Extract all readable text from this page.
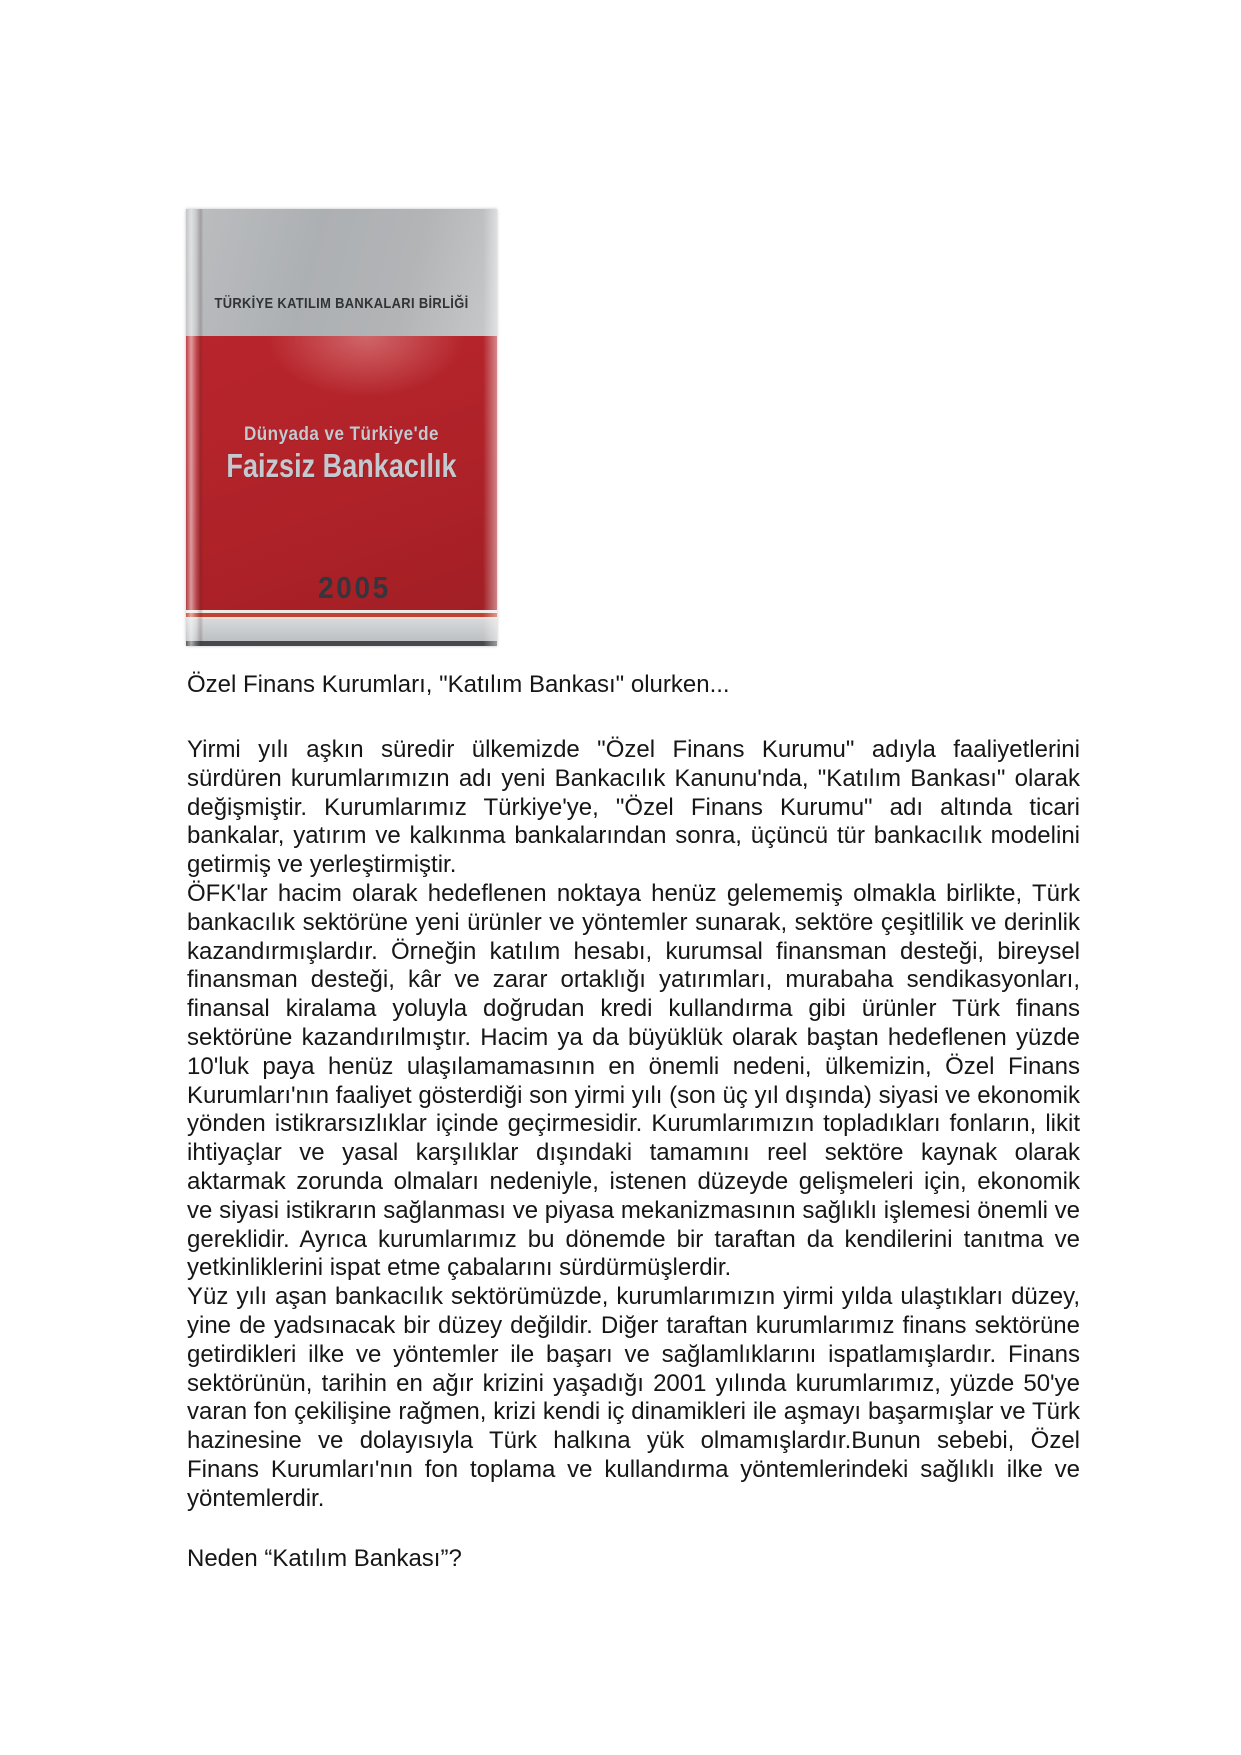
TÜRKİYE KATILIM BANKALARI BİRLİĞİ
Dünyada ve Türkiye'de
Faizsiz Bankacılık
2005
Özel Finans Kurumları, "Katılım Bankası" olurken...

Yirmi yılı aşkın süredir ülkemizde "Özel Finans Kurumu" adıyla faaliyetlerini sürdüren kurumlarımızın adı yeni Bankacılık Kanunu'nda, "Katılım Bankası" olarak değişmiştir. Kurumlarımız Türkiye'ye, "Özel Finans Kurumu" adı altında ticari bankalar, yatırım ve kalkınma bankalarından sonra, üçüncü tür bankacılık modelini getirmiş ve yerleştirmiştir.

ÖFK'lar hacim olarak hedeflenen noktaya henüz gelememiş olmakla birlikte, Türk bankacılık sektörüne yeni ürünler ve yöntemler sunarak, sektöre çeşitlilik ve derinlik kazandırmışlardır. Örneğin katılım hesabı, kurumsal finansman desteği, bireysel finansman desteği, kâr ve zarar ortaklığı yatırımları, murabaha sendikasyonları, finansal kiralama yoluyla doğrudan kredi kullandırma gibi ürünler Türk finans sektörüne kazandırılmıştır. Hacim ya da büyüklük olarak baştan hedeflenen yüzde 10'luk paya henüz ulaşılamamasının en önemli nedeni, ülkemizin, Özel Finans Kurumları'nın faaliyet gösterdiği son yirmi yılı (son üç yıl dışında) siyasi ve ekonomik yönden istikrarsızlıklar içinde geçirmesidir. Kurumlarımızın topladıkları fonların, likit ihtiyaçlar ve yasal karşılıklar dışındaki tamamını reel sektöre kaynak olarak aktarmak zorunda olmaları nedeniyle, istenen düzeyde gelişmeleri için, ekonomik ve siyasi istikrarın sağlanması ve piyasa mekanizmasının sağlıklı işlemesi önemli ve gereklidir. Ayrıca kurumlarımız bu dönemde bir taraftan da kendilerini tanıtma ve yetkinliklerini ispat etme çabalarını sürdürmüşlerdir.

Yüz yılı aşan bankacılık sektörümüzde, kurumlarımızın yirmi yılda ulaştıkları düzey, yine de yadsınacak bir düzey değildir. Diğer taraftan kurumlarımız finans sektörüne getirdikleri ilke ve yöntemler ile başarı ve sağlamlıklarını ispatlamışlardır. Finans sektörünün, tarihin en ağır krizini yaşadığı 2001 yılında kurumlarımız, yüzde 50'ye varan fon çekilişine rağmen, krizi kendi iç dinamikleri ile aşmayı başarmışlar ve Türk hazinesine ve dolayısıyla Türk halkına yük olmamışlardır.Bunun sebebi, Özel Finans Kurumları'nın fon toplama ve kullandırma yöntemlerindeki sağlıklı ilke ve yöntemlerdir.

Neden “Katılım Bankası”?
